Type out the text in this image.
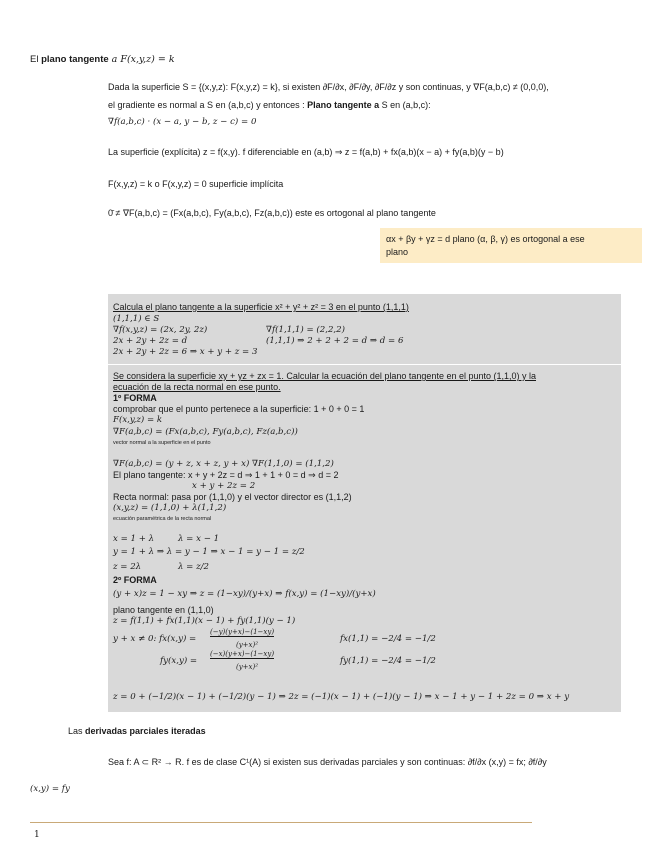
El plano tangente a F(x,y,z) = k
Dada la superficie S = {(x,y,z): F(x,y,z) = k}, si existen ∂F/∂x, ∂F/∂y, ∂F/∂z y son continuas, y ∇F(a,b,c) ≠ (0,0,0),
el gradiente es normal a S en (a,b,c) y entonces : Plano tangente a S en (a,b,c):
∇f(a,b,c) · (x − a, y − b, z − c) = 0
La superficie (explícita) z = f(x,y). f diferenciable en (a,b) ⇒ z = f(a,b) + fx(a,b)(x − a) + fy(a,b)(y − b)
F(x,y,z) = k o F(x,y,z) = 0 superficie implícita
0̄ ≠ ∇F(a,b,c) = (Fx(a,b,c), Fy(a,b,c), Fz(a,b,c)) este es ortogonal al plano tangente
αx + βy + γz = d plano (α, β, γ) es ortogonal a ese
plano
Calcula el plano tangente a la superficie x² + y² + z² = 3 en el punto (1,1,1)
(1,1,1) ∈ S
∇f(x,y,z) = (2x, 2y, 2z)	∇f(1,1,1) = (2,2,2)
2x + 2y + 2z = d	(1,1,1) ⇒ 2 + 2 + 2 = d ⇒ d = 6
2x + 2y + 2z = 6 ⇒ x + y + z = 3
Se considera la superficie xy + yz + zx = 1. Calcular la ecuación del plano tangente en el punto (1,1,0) y la
ecuación de la recta normal en ese punto.
1º FORMA
comprobar que el punto pertenece a la superficie: 1 + 0 + 0 = 1
F(x,y,z) = k
∇F(a,b,c) = (Fx(a,b,c), Fy(a,b,c), Fz(a,b,c))
vector normal a la superficie en el punto
∇F(a,b,c) = (y + z, x + z, y + x) ∇F(1,1,0) = (1,1,2)
El plano tangente: x + y + 2z = d ⇒ 1 + 1 + 0 = d ⇒ d = 2
x + y + 2z = 2
Recta normal: pasa por (1,1,0) y el vector director es (1,1,2)
(x,y,z) = (1,1,0) + λ(1,1,2)
ecuación paramétrica de la recta normal
x = 1 + λ	λ = x − 1
y = 1 + λ ⇒ λ = y − 1 ⇒ x − 1 = y − 1 = z/2
z = 2λ	λ = z/2
2º FORMA
(y + x)z = 1 − xy ⇒ z = (1−xy)/(y+x) ⇒ f(x,y) = (1−xy)/(y+x)
plano tangente en (1,1,0)
z = f(1,1) + fx(1,1)(x − 1) + fy(1,1)(y − 1)
y + x ≠ 0: fx(x,y) =
(−y)(y+x)−(1−xy)
(y+x)²
fx(1,1) = −2/4 = −1/2
fy(x,y) =
(−x)(y+x)−(1−xy)
(y+x)²
fy(1,1) = −2/4 = −1/2
z = 0 + (−1/2)(x − 1) + (−1/2)(y − 1) ⇒ 2z = (−1)(x − 1) + (−1)(y − 1) ⇒ x − 1 + y − 1 + 2z = 0 ⇒ x + y
Las derivadas parciales iteradas
Sea f: A ⊂ R² → R. f es de clase C¹(A) si existen sus derivadas parciales y son continuas: ∂f/∂x (x,y) = fx; ∂f/∂y
(x,y) = fy
1
